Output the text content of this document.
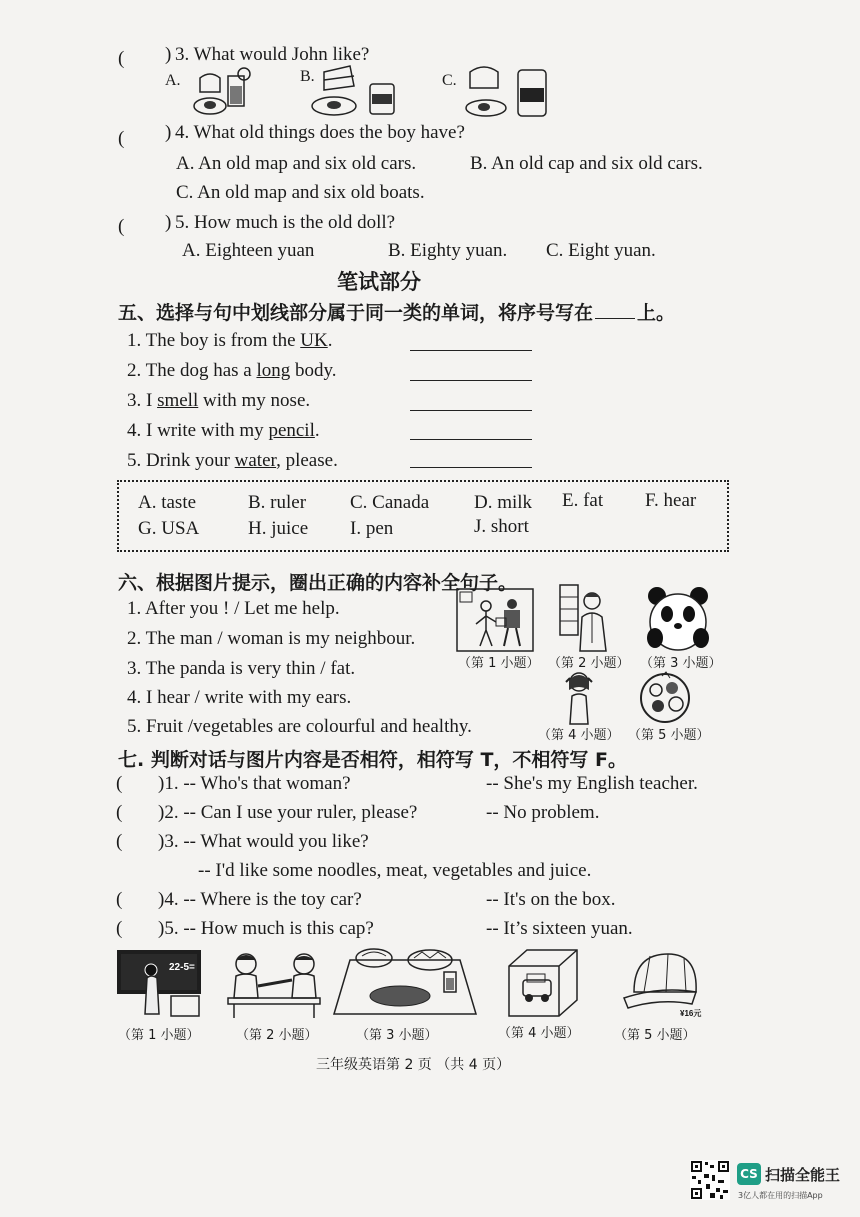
( ) 3. What would John like?
A.	B.	C.
( ) 4. What old things does the boy have?
A. An old map and six old cars.	B. An old cap and six old cars.
C. An old map and six old boats.
( ) 5. How much is the old doll?
A. Eighteen yuan	B. Eighty yuan. C. Eight yuan.
笔试部分
五、选择与句中划线部分属于同一类的单词，将序号写在 上。
1. The boy is from the UK.
2. The dog has a long body.
3. I smell with my nose.
4. I write with my pencil.
5. Drink your water, please.
A. taste	B. ruler C. Canada D. milk E. fat F. hear
G. USA	H. juice I. pen	J. short
六、根据图片提示，圈出正确的内容补全句子。
1. After you ! / Let me help.
2. The man / woman is my neighbour.
3. The panda is very thin / fat.
4. I hear / write with my ears.
5. Fruit /vegetables are colourful and healthy.
（第 1 小题） （第 2 小题） （第 3 小题）
（第 4 小题） （第 5 小题）
七. 判断对话与图片内容是否相符，相符写 T，不相符写 F。
( )1. -- Who's that woman?	-- She's my English teacher.
( )2. -- Can I use your ruler, please?	-- No problem.
( )3. -- What would you like?
-- I'd like some noodles, meat, vegetables and juice.
( )4. -- Where is the toy car?	-- It's on the box.
( )5. -- How much is this cap?	-- It’s sixteen yuan.
22-5=
¥16元
（第 1 小题）	（第 2 小题）	（第 3 小题）	（第 4 小题）	（第 5 小题）
三年级英语第 2 页 （共 4 页）
CS 扫描全能王
3亿人都在用的扫描App
